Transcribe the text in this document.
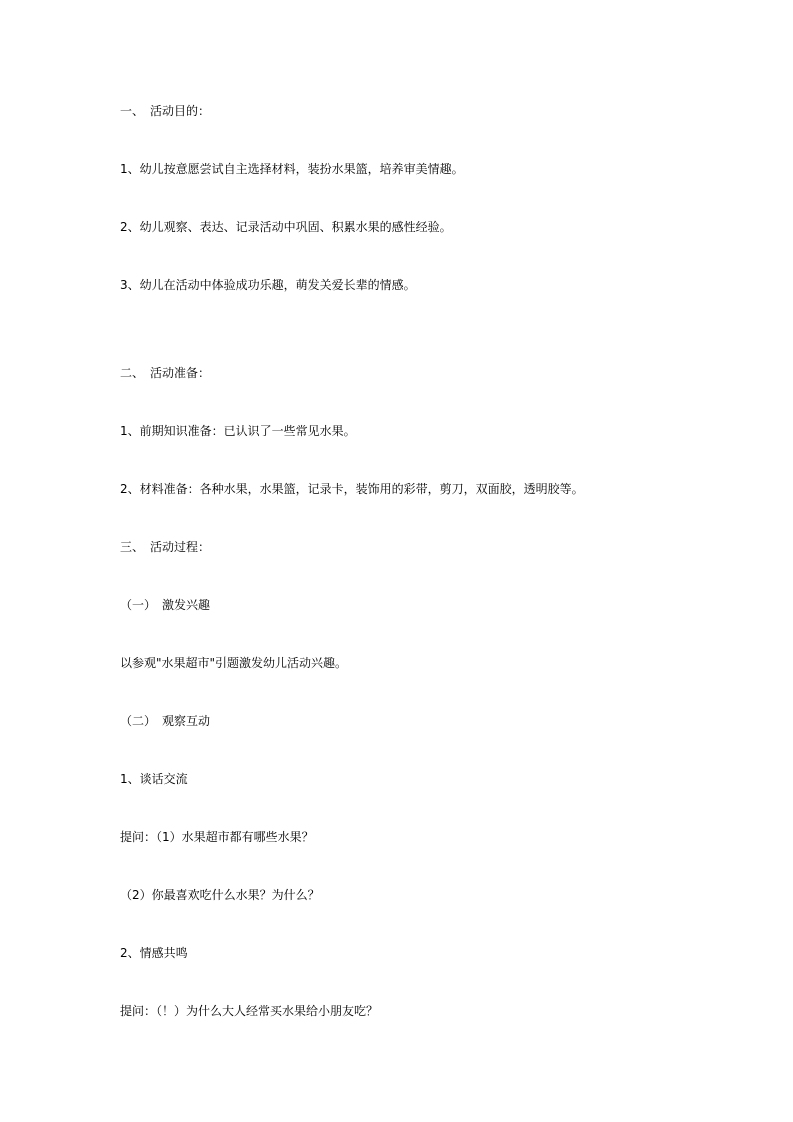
一、　活动目的：
1、幼儿按意愿尝试自主选择材料，装扮水果篮，培养审美情趣。
2、幼儿观察、表达、记录活动中巩固、积累水果的感性经验。
3、幼儿在活动中体验成功乐趣，萌发关爱长辈的情感。
二、　活动准备：
1、前期知识准备：已认识了一些常见水果。
2、材料准备：各种水果，水果篮，记录卡，装饰用的彩带，剪刀，双面胶，透明胶等。
三、　活动过程：
（一）　激发兴趣
以参观"水果超市"引题激发幼儿活动兴趣。
（二）　观察互动
1、谈话交流
提问：（1）水果超市都有哪些水果？
（2）你最喜欢吃什么水果？为什么？
2、情感共鸣
提问：（！）为什么大人经常买水果给小朋友吃？
